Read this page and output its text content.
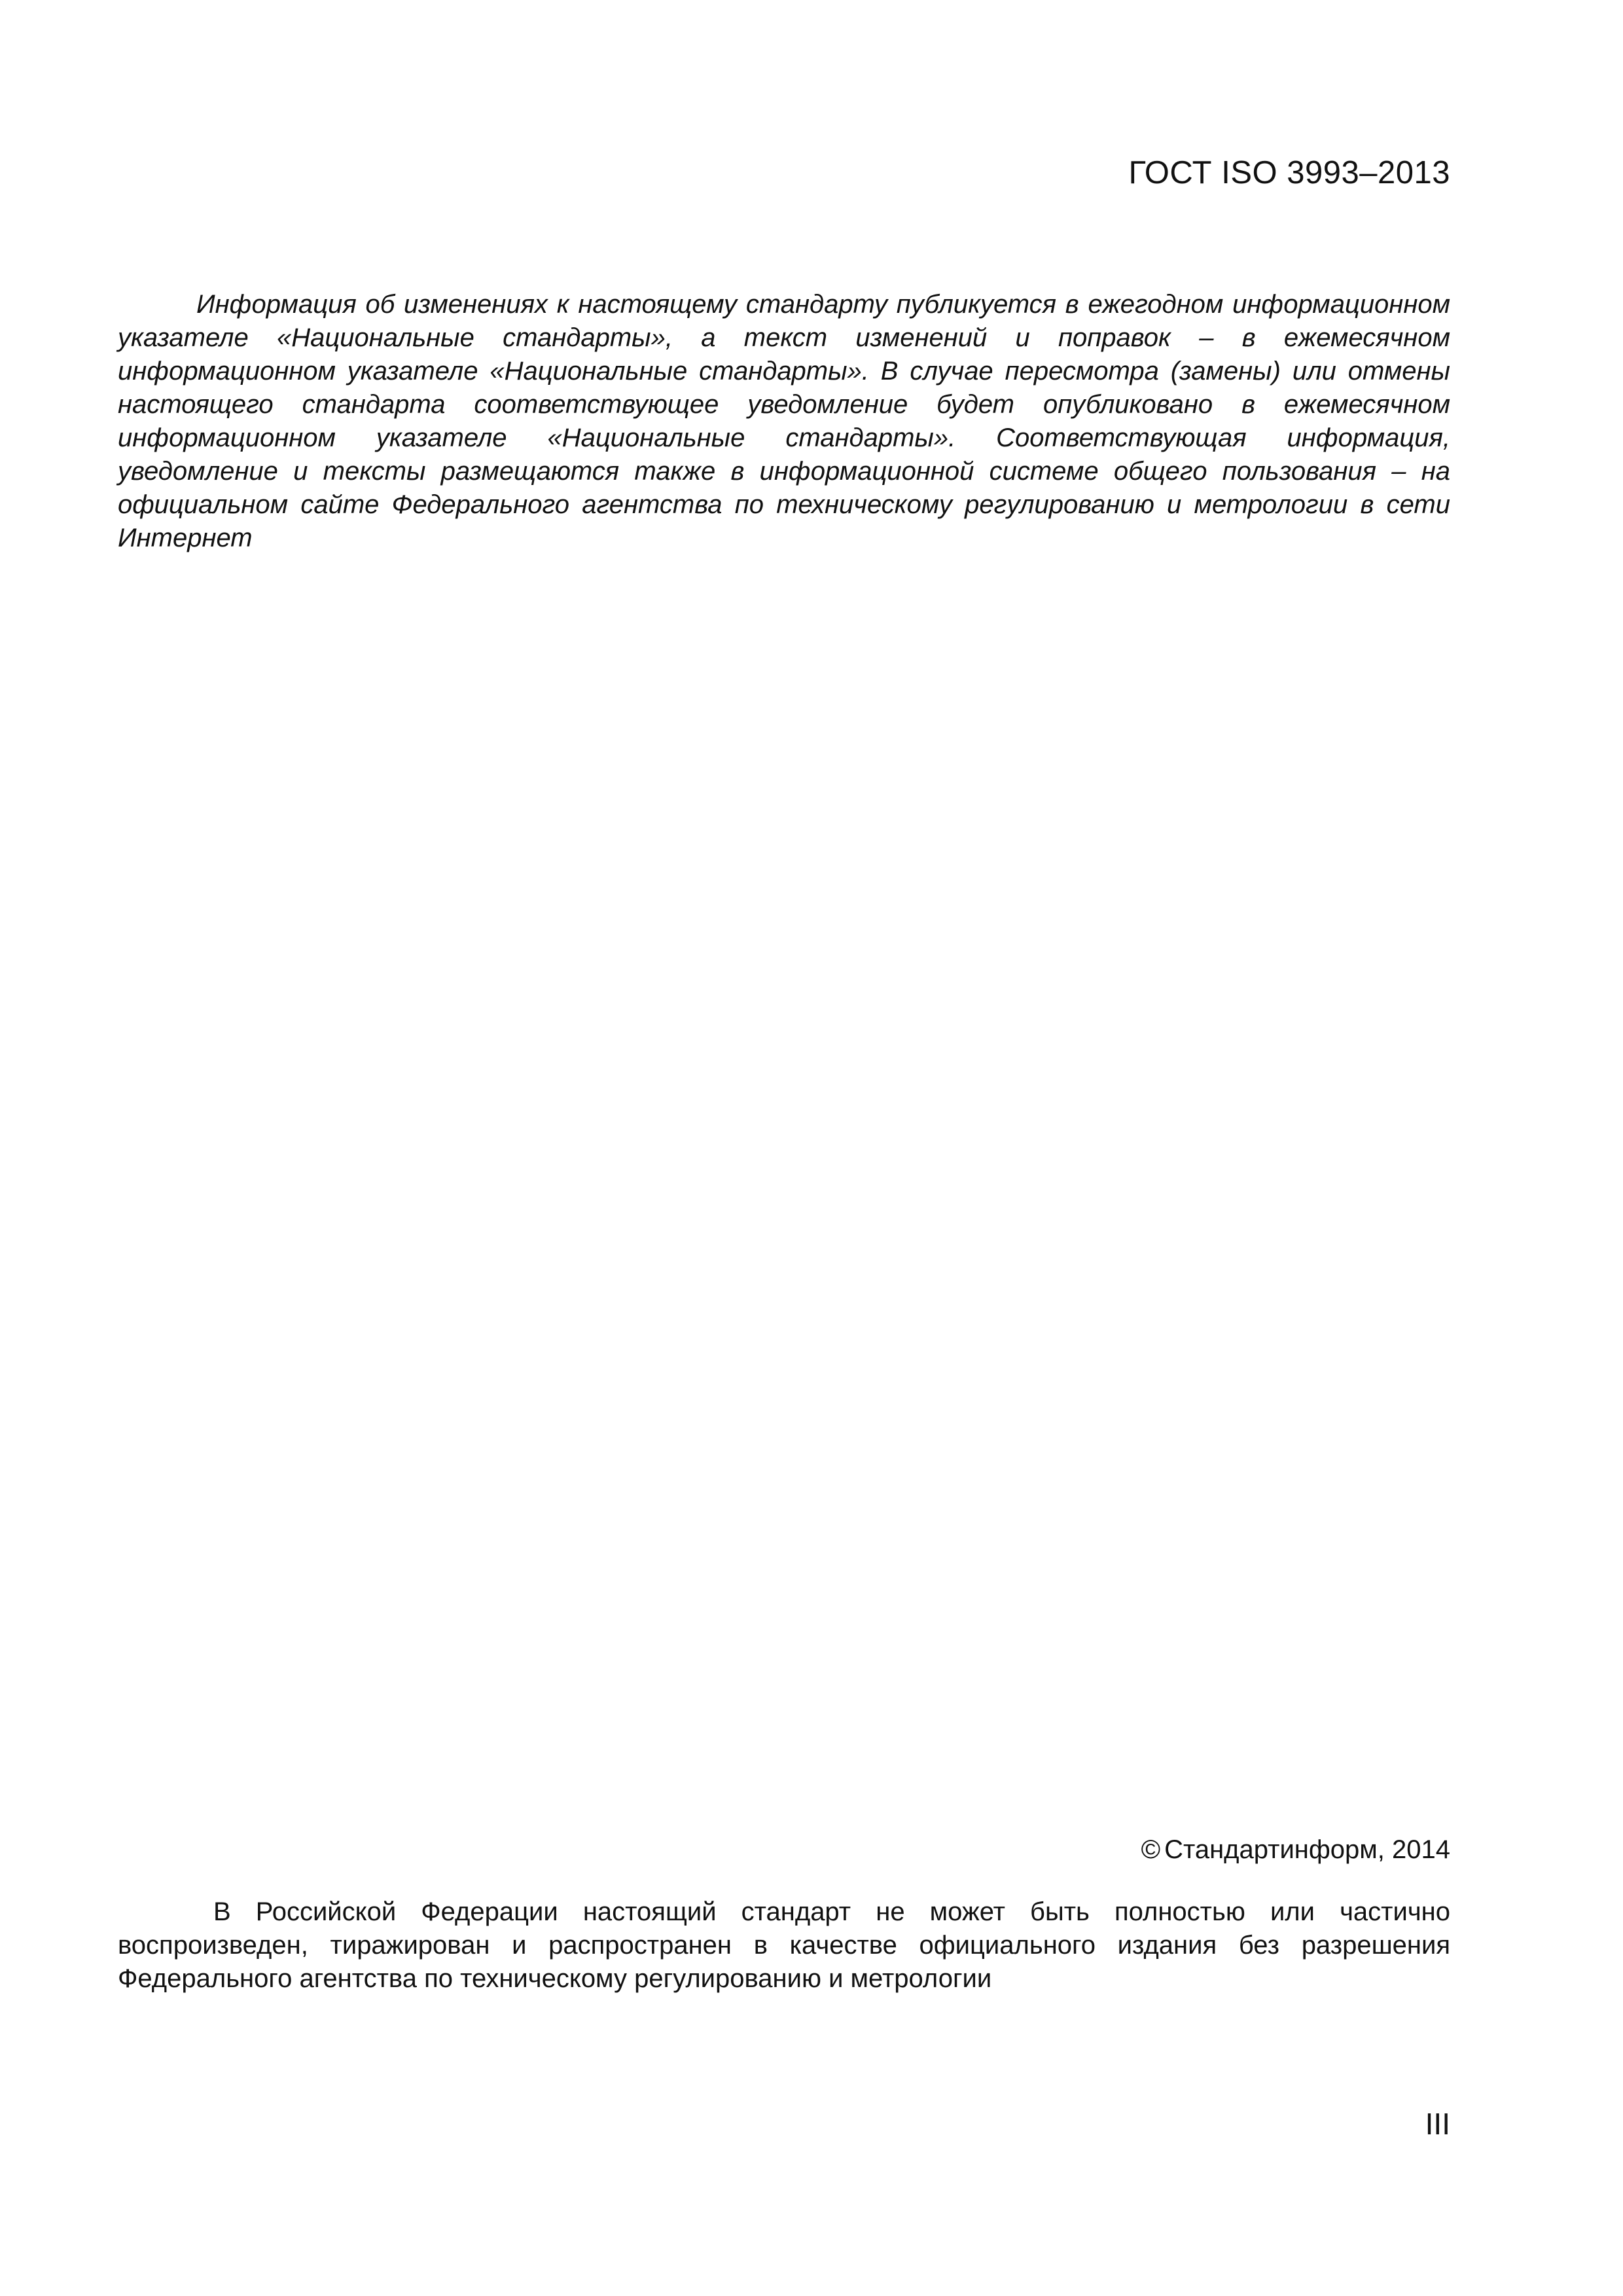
ГОСТ ISO 3993–2013

Информация об изменениях к настоящему стандарту публикуется в ежегодном информационном указателе «Национальные стандарты», а текст изменений и поправок – в ежемесячном информационном указателе «Национальные стандарты». В случае пересмотра (замены) или отмены настоящего стандарта соответствующее уведомление будет опубликовано в ежемесячном информационном указателе «Национальные стандарты». Соответствующая информация, уведомление и тексты размещаются также в информационной системе общего пользования – на официальном сайте Федерального агентства по техническому регулированию и метрологии в сети Интернет

© Стандартинформ, 2014

В Российской Федерации настоящий стандарт не может быть полностью или частично воспроизведен, тиражирован и распространен в качестве официального издания без разрешения Федерального агентства по техническому регулированию и метрологии

III
